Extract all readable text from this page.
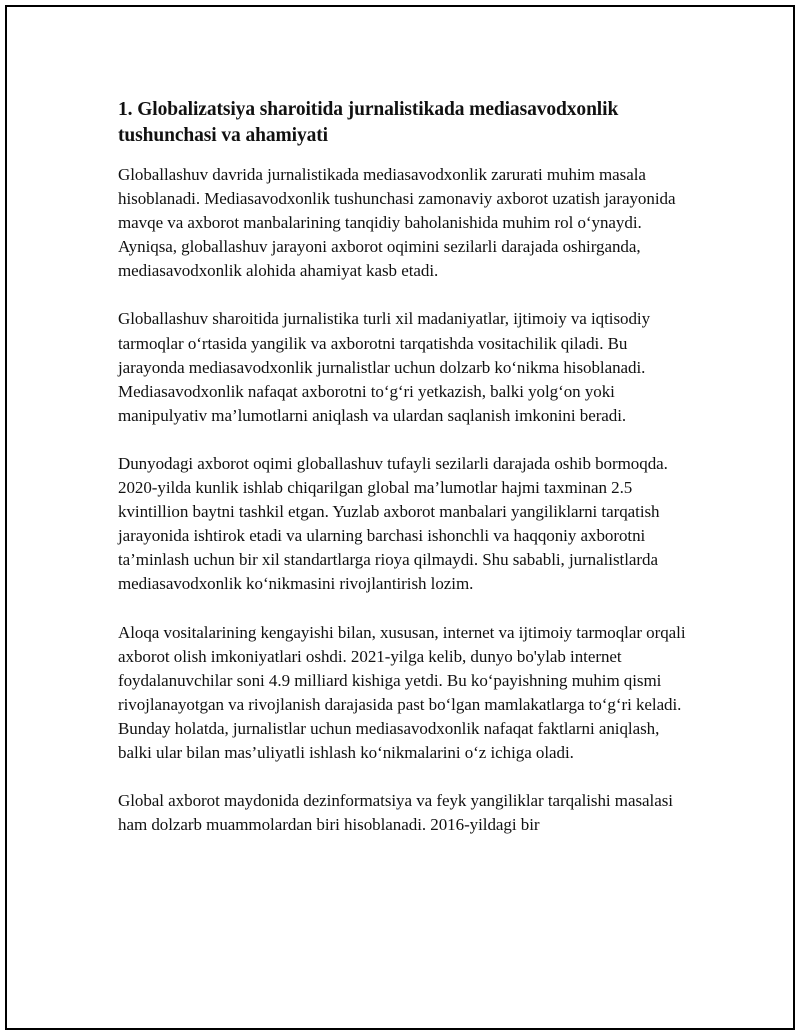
1. Globalizatsiya sharoitida jurnalistikada mediasavodxonlik tushunchasi va ahamiyati

Globallashuv davrida jurnalistikada mediasavodxonlik zarurati muhim masala hisoblanadi. Mediasavodxonlik tushunchasi zamonaviy axborot uzatish jarayonida mavqe va axborot manbalarining tanqidiy baholanishida muhim rol o‘ynaydi. Ayniqsa, globallashuv jarayoni axborot oqimini sezilarli darajada oshirganda, mediasavodxonlik alohida ahamiyat kasb etadi.

Globallashuv sharoitida jurnalistika turli xil madaniyatlar, ijtimoiy va iqtisodiy tarmoqlar o‘rtasida yangilik va axborotni tarqatishda vositachilik qiladi. Bu jarayonda mediasavodxonlik jurnalistlar uchun dolzarb ko‘nikma hisoblanadi. Mediasavodxonlik nafaqat axborotni to‘g‘ri yetkazish, balki yolg‘on yoki manipulyativ ma’lumotlarni aniqlash va ulardan saqlanish imkonini beradi.

Dunyodagi axborot oqimi globallashuv tufayli sezilarli darajada oshib bormoqda. 2020-yilda kunlik ishlab chiqarilgan global ma’lumotlar hajmi taxminan 2.5 kvintillion baytni tashkil etgan. Yuzlab axborot manbalari yangiliklarni tarqatish jarayonida ishtirok etadi va ularning barchasi ishonchli va haqqoniy axborotni ta’minlash uchun bir xil standartlarga rioya qilmaydi. Shu sababli, jurnalistlarda mediasavodxonlik ko‘nikmasini rivojlantirish lozim.

Aloqa vositalarining kengayishi bilan, xususan, internet va ijtimoiy tarmoqlar orqali axborot olish imkoniyatlari oshdi. 2021-yilga kelib, dunyo bo'ylab internet foydalanuvchilar soni 4.9 milliard kishiga yetdi. Bu ko‘payishning muhim qismi rivojlanayotgan va rivojlanish darajasida past bo‘lgan mamlakatlarga to‘g‘ri keladi. Bunday holatda, jurnalistlar uchun mediasavodxonlik nafaqat faktlarni aniqlash, balki ular bilan mas’uliyatli ishlash ko‘nikmalarini o‘z ichiga oladi.

Global axborot maydonida dezinformatsiya va feyk yangiliklar tarqalishi masalasi ham dolzarb muammolardan biri hisoblanadi. 2016-yildagi bir
